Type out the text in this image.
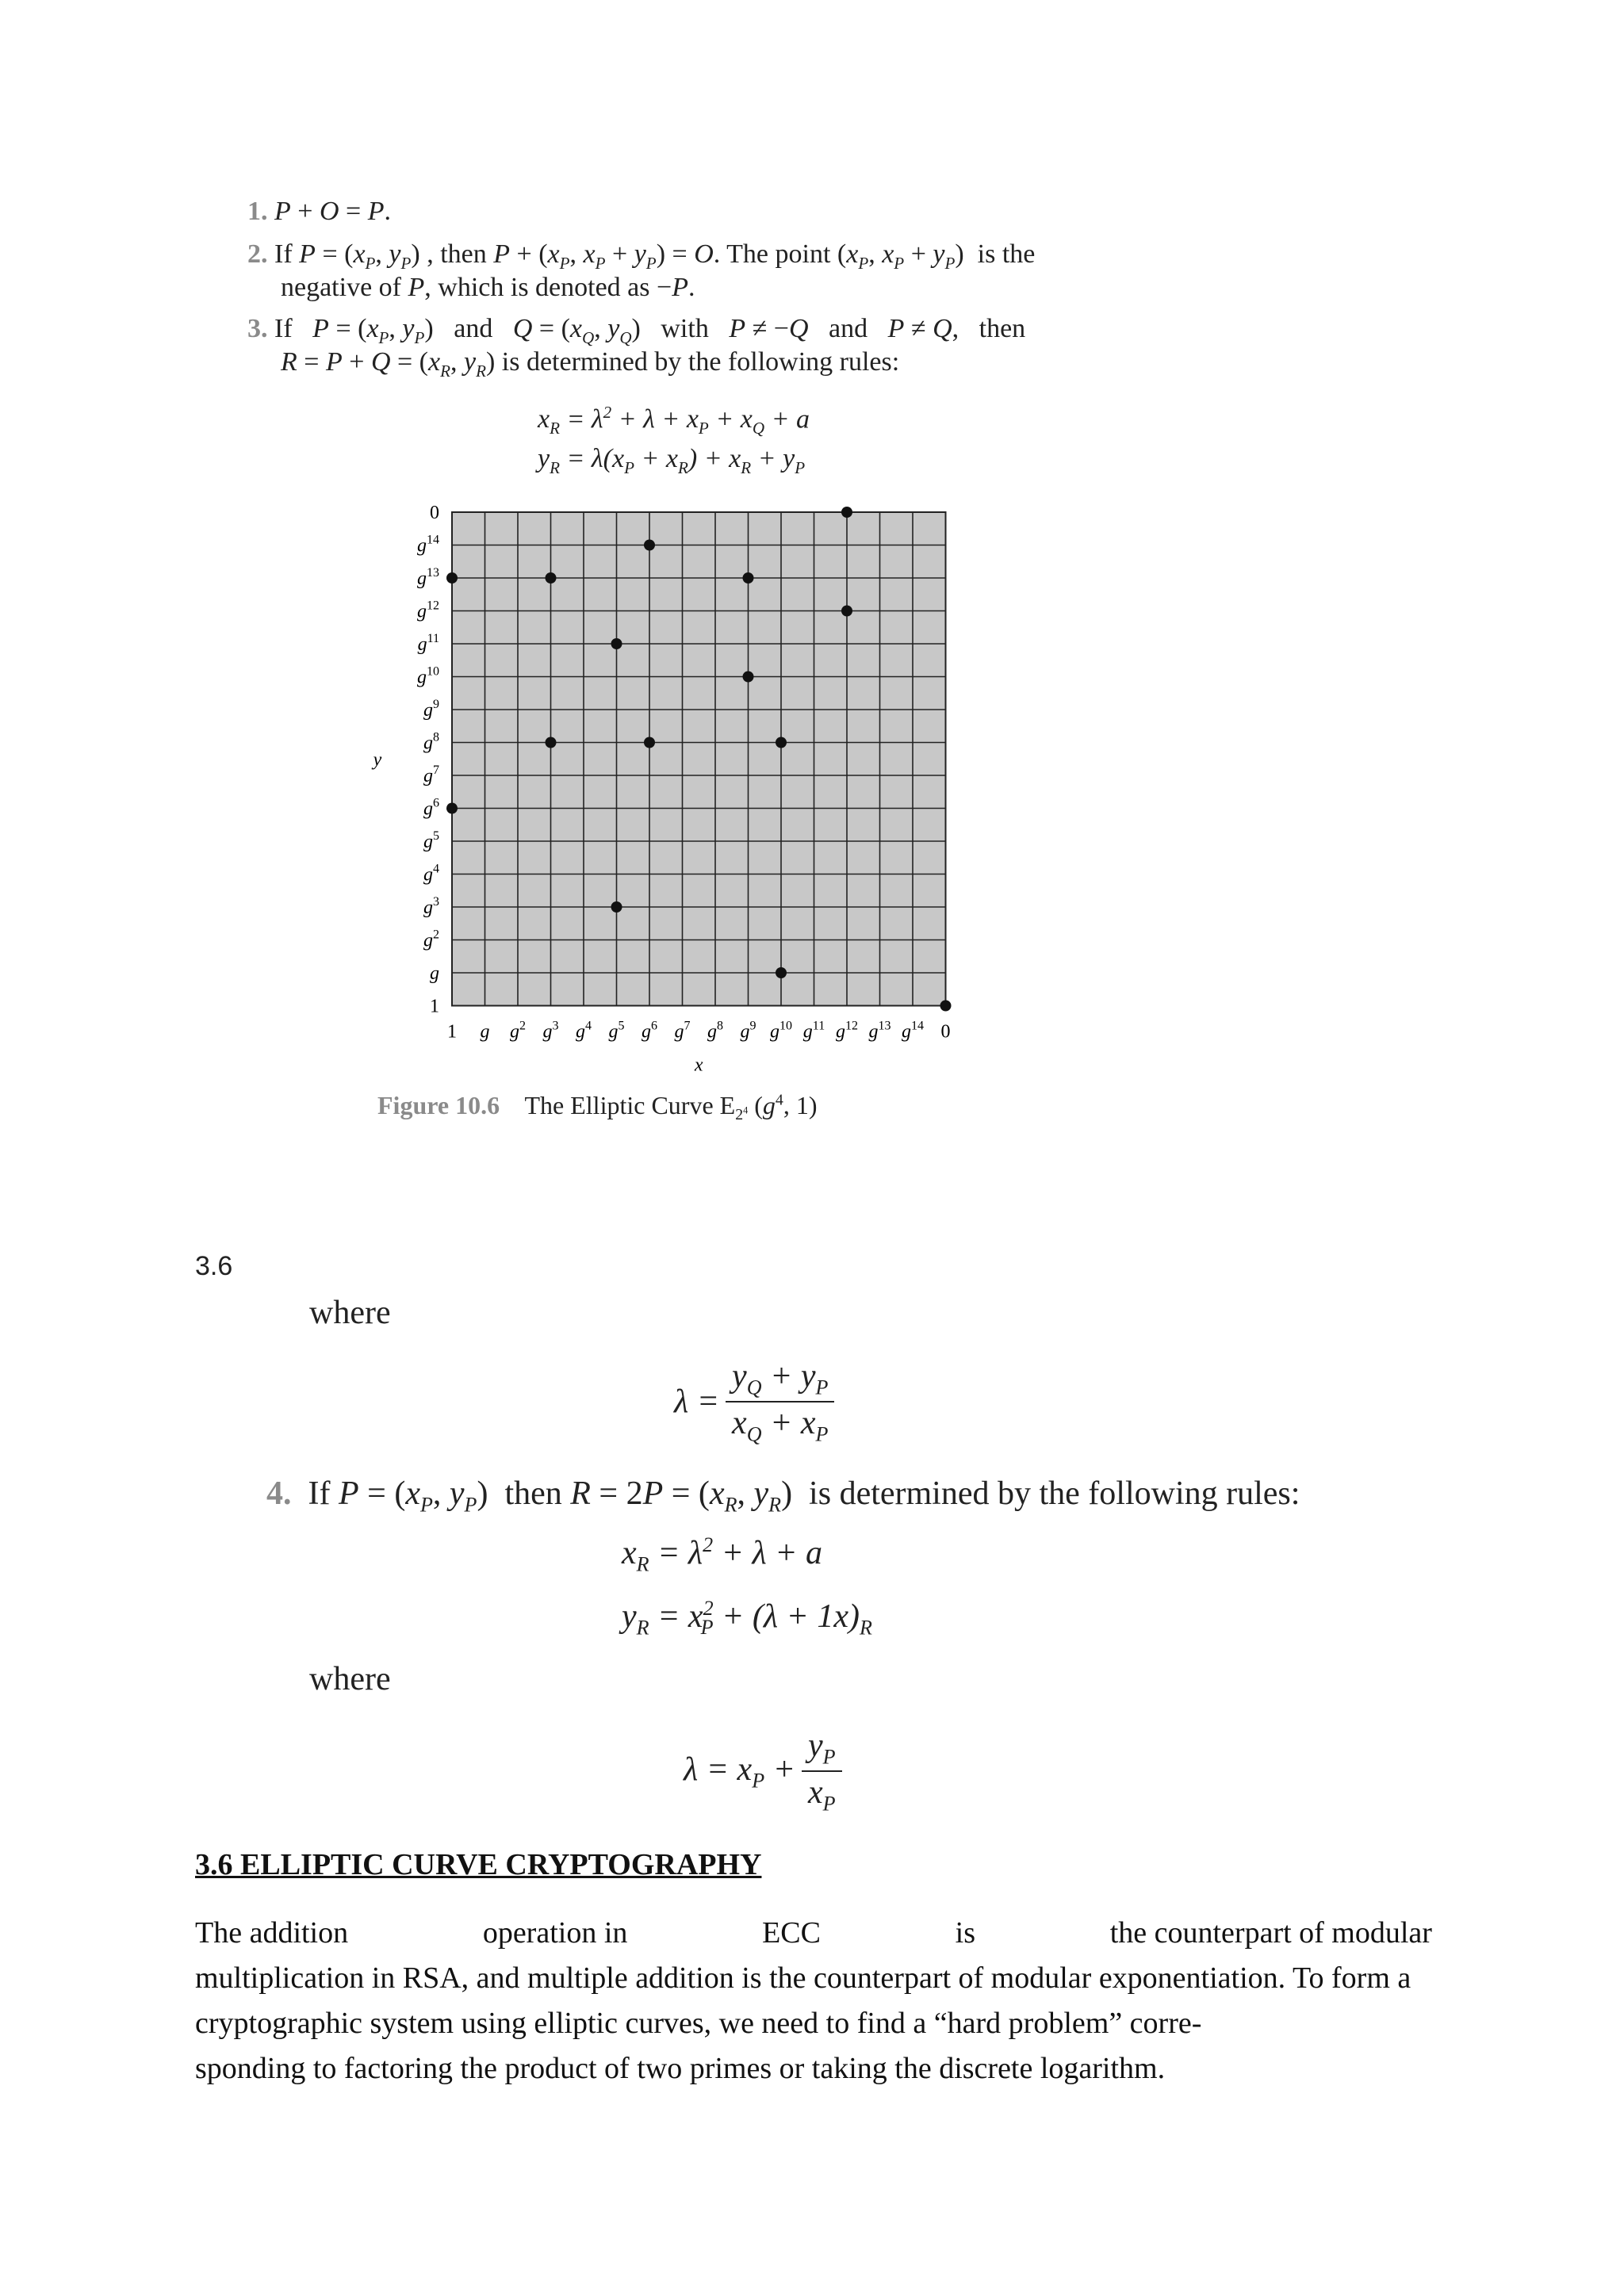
1. P + O = P.
2. If $P = (x_P$, $y_P$) , then $P + (x_P$, $x_P + y_P) = O$. The point ($x_P$, $x_P + y_P$)  is the
negative of P, which is denoted as −P.
3. If   $P = (x_P$, $y_P$)   and   $Q = (x_Q$, $y_Q$)   with   P ≠ −Q   and   P ≠ Q,   then
$R = P + Q = (x_R$, $y_R$) is determined by the following rules:
$x_R = \lambda^2 + \lambda + x_P + x_Q + a$
$y_R = \lambda(x_P + x_R) + x_R + y_P$
1 g $g^2$ $g^3$ $g^4$ $g^5$ $g^6$ $g^7$ $g^8$ $g^9$ $g^{10}$ $g^{11}$ $g^{12}$ $g^{13}$ $g^{14}$ 0
1
g
$g^2$
$g^3$
$g^4$
$g^5$
$g^6$
$g^7$
$g^8$
$g^9$
$g^{10}$
$g^{11}$
$g^{12}$
$g^{13}$
$g^{14}$
0
x
y
Figure 10.6 The Elliptic Curve $E_{2^4}$ ($g^4$, 1)
3.6
where
$\lambda = \frac{y_Q + y_P}{x_Q + x_P}$
4. If $P = (x_P$, $y_P$)  then $R = 2P = (x_R$, $y_R$)  is determined by the following rules:
$x_R = \lambda^2 + \lambda + a$
$y_R = x^2_P + (\lambda + 1x)_R$
where
$\lambda = x_P + \frac{y_P}{x_P}$
3.6 ELLIPTIC CURVE CRYPTOGRAPHY
The addition	operation in	ECC	is	the counterpart of modular
multiplication in RSA, and multiple addition is the counterpart of modular exponentiation. To form a
cryptographic system using elliptic curves, we need to find a “hard problem” corre-
sponding to factoring the product of two primes or taking the discrete logarithm.
